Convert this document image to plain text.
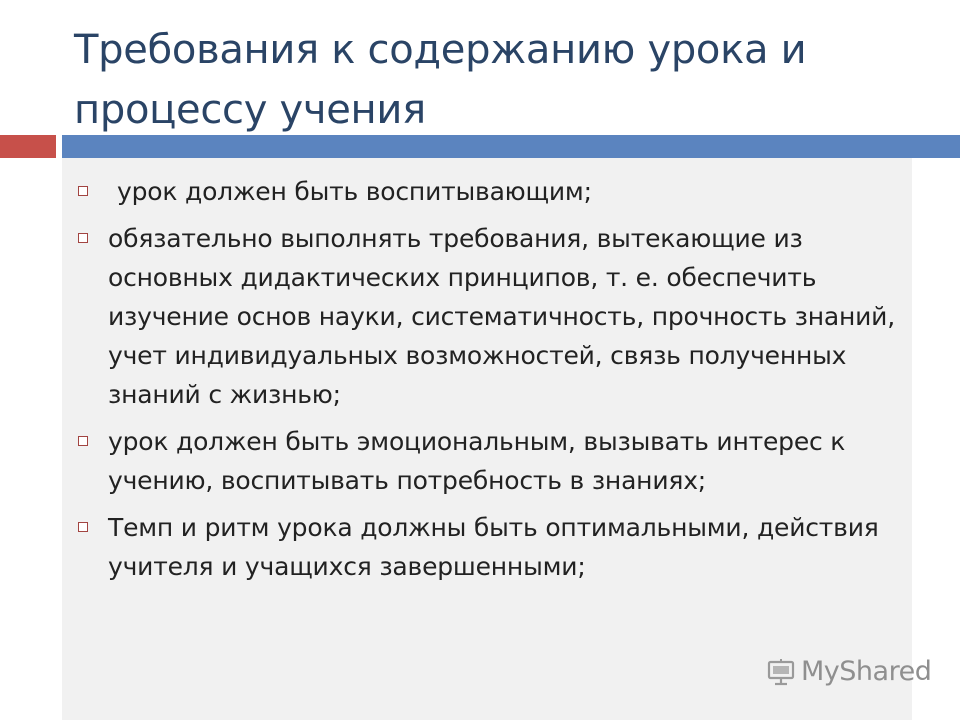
Требования к содержанию урока и процессу учения
урок должен быть воспитывающим;
обязательно выполнять требования, вытекающие из основных дидактических принципов, т. е. обеспечить изучение основ науки, систематичность, прочность знаний, учет индивидуальных возможностей, связь полученных знаний с жизнью;
урок должен быть эмоциональным, вызывать интерес к учению, воспитывать потребность в знаниях;
Темп и ритм урока должны быть оптимальными, действия учителя и учащихся завершенными;
MyShared
